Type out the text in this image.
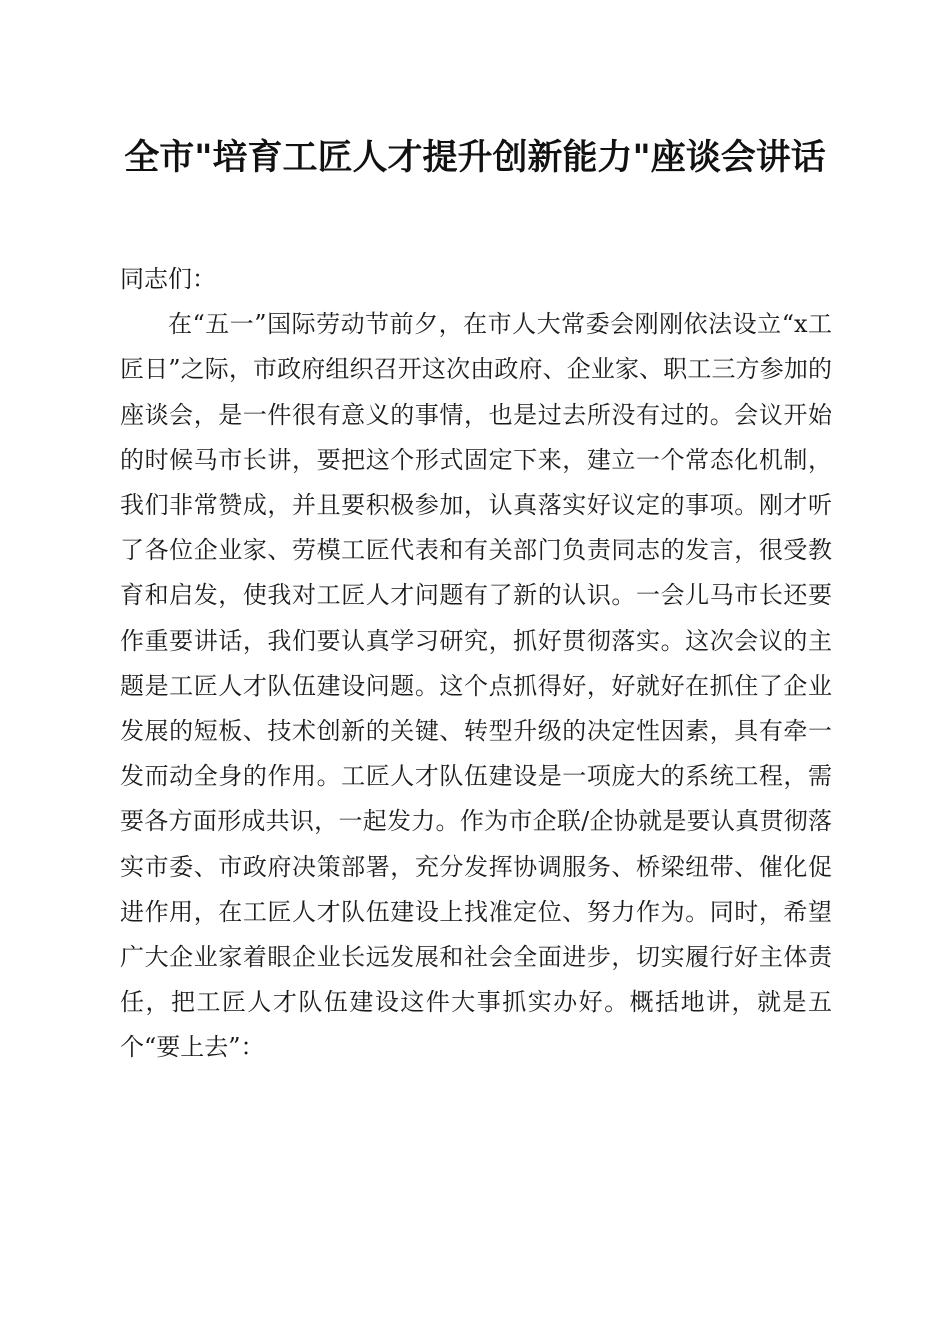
全市"培育工匠人才提升创新能力"座谈会讲话

同志们：

在“五一”国际劳动节前夕，在市人大常委会刚刚依法设立“x工匠日”之际，市政府组织召开这次由政府、企业家、职工三方参加的座谈会，是一件很有意义的事情，也是过去所没有过的。会议开始的时候马市长讲，要把这个形式固定下来，建立一个常态化机制，我们非常赞成，并且要积极参加，认真落实好议定的事项。刚才听了各位企业家、劳模工匠代表和有关部门负责同志的发言，很受教育和启发，使我对工匠人才问题有了新的认识。一会儿马市长还要作重要讲话，我们要认真学习研究，抓好贯彻落实。这次会议的主题是工匠人才队伍建设问题。这个点抓得好，好就好在抓住了企业发展的短板、技术创新的关键、转型升级的决定性因素，具有牵一发而动全身的作用。工匠人才队伍建设是一项庞大的系统工程，需要各方面形成共识，一起发力。作为市企联/企协就是要认真贯彻落实市委、市政府决策部署，充分发挥协调服务、桥梁纽带、催化促进作用，在工匠人才队伍建设上找准定位、努力作为。同时，希望广大企业家着眼企业长远发展和社会全面进步，切实履行好主体责任，把工匠人才队伍建设这件大事抓实办好。概括地讲，就是五个“要上去”：
